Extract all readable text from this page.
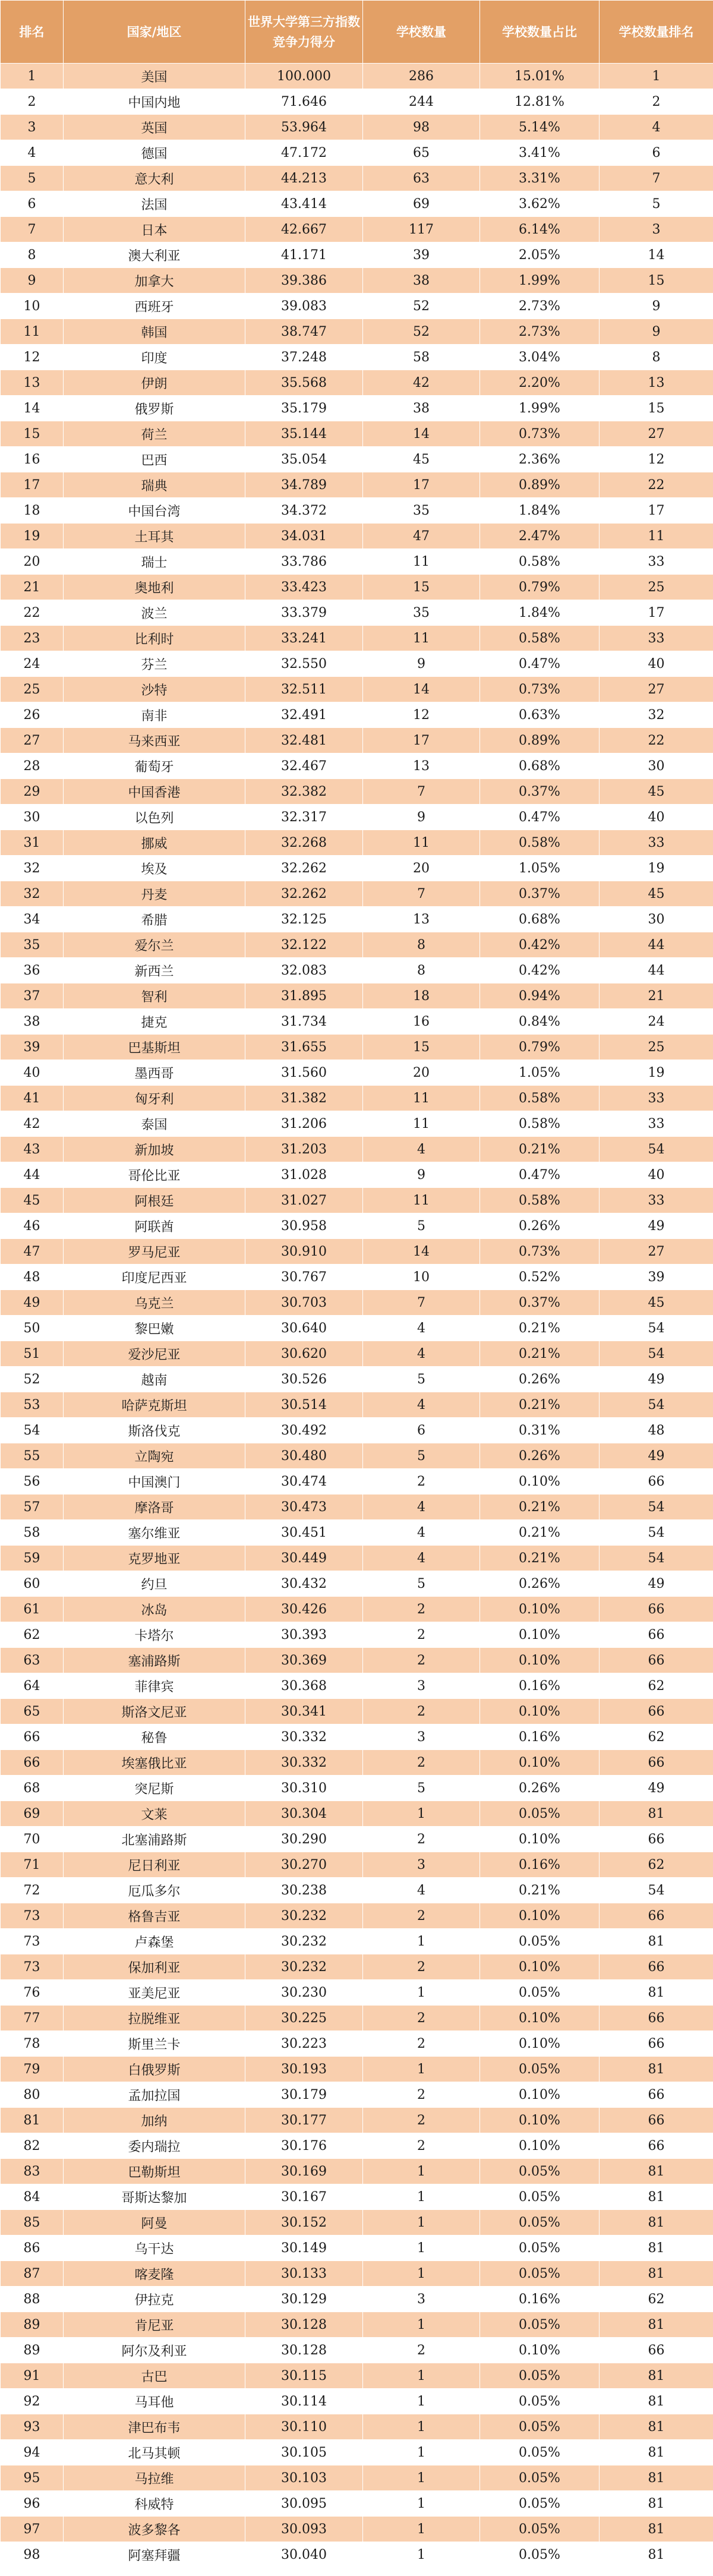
排名	国家/地区	世界大学第三方指数竞争力得分	学校数量	学校数量占比	学校数量排名
1	美国	100.000	286	15.01%	1
2	中国内地	71.646	244	12.81%	2
3	英国	53.964	98	5.14%	4
4	德国	47.172	65	3.41%	6
5	意大利	44.213	63	3.31%	7
6	法国	43.414	69	3.62%	5
7	日本	42.667	117	6.14%	3
8	澳大利亚	41.171	39	2.05%	14
9	加拿大	39.386	38	1.99%	15
10	西班牙	39.083	52	2.73%	9
11	韩国	38.747	52	2.73%	9
12	印度	37.248	58	3.04%	8
13	伊朗	35.568	42	2.20%	13
14	俄罗斯	35.179	38	1.99%	15
15	荷兰	35.144	14	0.73%	27
16	巴西	35.054	45	2.36%	12
17	瑞典	34.789	17	0.89%	22
18	中国台湾	34.372	35	1.84%	17
19	土耳其	34.031	47	2.47%	11
20	瑞士	33.786	11	0.58%	33
21	奥地利	33.423	15	0.79%	25
22	波兰	33.379	35	1.84%	17
23	比利时	33.241	11	0.58%	33
24	芬兰	32.550	9	0.47%	40
25	沙特	32.511	14	0.73%	27
26	南非	32.491	12	0.63%	32
27	马来西亚	32.481	17	0.89%	22
28	葡萄牙	32.467	13	0.68%	30
29	中国香港	32.382	7	0.37%	45
30	以色列	32.317	9	0.47%	40
31	挪威	32.268	11	0.58%	33
32	埃及	32.262	20	1.05%	19
32	丹麦	32.262	7	0.37%	45
34	希腊	32.125	13	0.68%	30
35	爱尔兰	32.122	8	0.42%	44
36	新西兰	32.083	8	0.42%	44
37	智利	31.895	18	0.94%	21
38	捷克	31.734	16	0.84%	24
39	巴基斯坦	31.655	15	0.79%	25
40	墨西哥	31.560	20	1.05%	19
41	匈牙利	31.382	11	0.58%	33
42	泰国	31.206	11	0.58%	33
43	新加坡	31.203	4	0.21%	54
44	哥伦比亚	31.028	9	0.47%	40
45	阿根廷	31.027	11	0.58%	33
46	阿联酋	30.958	5	0.26%	49
47	罗马尼亚	30.910	14	0.73%	27
48	印度尼西亚	30.767	10	0.52%	39
49	乌克兰	30.703	7	0.37%	45
50	黎巴嫩	30.640	4	0.21%	54
51	爱沙尼亚	30.620	4	0.21%	54
52	越南	30.526	5	0.26%	49
53	哈萨克斯坦	30.514	4	0.21%	54
54	斯洛伐克	30.492	6	0.31%	48
55	立陶宛	30.480	5	0.26%	49
56	中国澳门	30.474	2	0.10%	66
57	摩洛哥	30.473	4	0.21%	54
58	塞尔维亚	30.451	4	0.21%	54
59	克罗地亚	30.449	4	0.21%	54
60	约旦	30.432	5	0.26%	49
61	冰岛	30.426	2	0.10%	66
62	卡塔尔	30.393	2	0.10%	66
63	塞浦路斯	30.369	2	0.10%	66
64	菲律宾	30.368	3	0.16%	62
65	斯洛文尼亚	30.341	2	0.10%	66
66	秘鲁	30.332	3	0.16%	62
66	埃塞俄比亚	30.332	2	0.10%	66
68	突尼斯	30.310	5	0.26%	49
69	文莱	30.304	1	0.05%	81
70	北塞浦路斯	30.290	2	0.10%	66
71	尼日利亚	30.270	3	0.16%	62
72	厄瓜多尔	30.238	4	0.21%	54
73	格鲁吉亚	30.232	2	0.10%	66
73	卢森堡	30.232	1	0.05%	81
73	保加利亚	30.232	2	0.10%	66
76	亚美尼亚	30.230	1	0.05%	81
77	拉脱维亚	30.225	2	0.10%	66
78	斯里兰卡	30.223	2	0.10%	66
79	白俄罗斯	30.193	1	0.05%	81
80	孟加拉国	30.179	2	0.10%	66
81	加纳	30.177	2	0.10%	66
82	委内瑞拉	30.176	2	0.10%	66
83	巴勒斯坦	30.169	1	0.05%	81
84	哥斯达黎加	30.167	1	0.05%	81
85	阿曼	30.152	1	0.05%	81
86	乌干达	30.149	1	0.05%	81
87	喀麦隆	30.133	1	0.05%	81
88	伊拉克	30.129	3	0.16%	62
89	肯尼亚	30.128	1	0.05%	81
89	阿尔及利亚	30.128	2	0.10%	66
91	古巴	30.115	1	0.05%	81
92	马耳他	30.114	1	0.05%	81
93	津巴布韦	30.110	1	0.05%	81
94	北马其顿	30.105	1	0.05%	81
95	马拉维	30.103	1	0.05%	81
96	科威特	30.095	1	0.05%	81
97	波多黎各	30.093	1	0.05%	81
98	阿塞拜疆	30.040	1	0.05%	81
